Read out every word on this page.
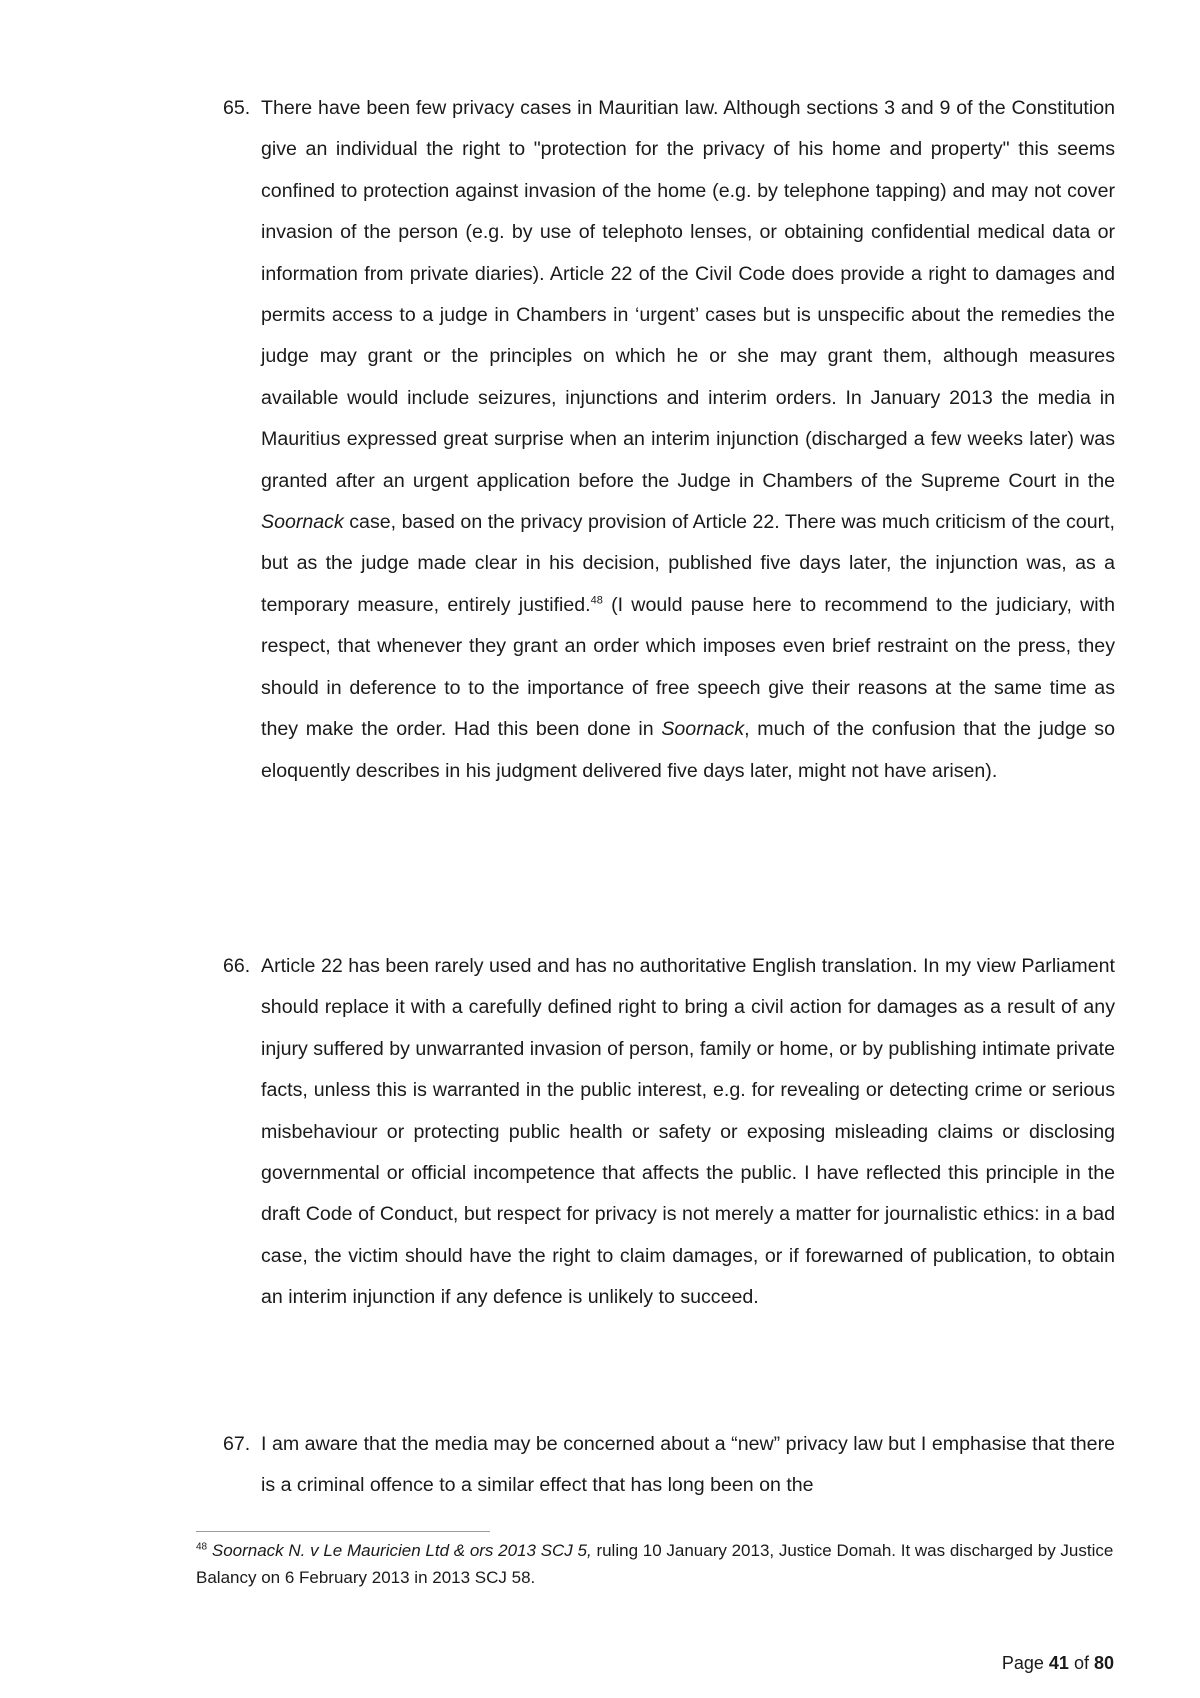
65. There have been few privacy cases in Mauritian law. Although sections 3 and 9 of the Constitution give an individual the right to "protection for the privacy of his home and property" this seems confined to protection against invasion of the home (e.g. by telephone tapping) and may not cover invasion of the person (e.g. by use of telephoto lenses, or obtaining confidential medical data or information from private diaries). Article 22 of the Civil Code does provide a right to damages and permits access to a judge in Chambers in ‘urgent’ cases but is unspecific about the remedies the judge may grant or the principles on which he or she may grant them, although measures available would include seizures, injunctions and interim orders. In January 2013 the media in Mauritius expressed great surprise when an interim injunction (discharged a few weeks later) was granted after an urgent application before the Judge in Chambers of the Supreme Court in the Soornack case, based on the privacy provision of Article 22. There was much criticism of the court, but as the judge made clear in his decision, published five days later, the injunction was, as a temporary measure, entirely justified.$^{48}$ (I would pause here to recommend to the judiciary, with respect, that whenever they grant an order which imposes even brief restraint on the press, they should in deference to to the importance of free speech give their reasons at the same time as they make the order. Had this been done in Soornack, much of the confusion that the judge so eloquently describes in his judgment delivered five days later, might not have arisen).
66. Article 22 has been rarely used and has no authoritative English translation. In my view Parliament should replace it with a carefully defined right to bring a civil action for damages as a result of any injury suffered by unwarranted invasion of person, family or home, or by publishing intimate private facts, unless this is warranted in the public interest, e.g. for revealing or detecting crime or serious misbehaviour or protecting public health or safety or exposing misleading claims or disclosing governmental or official incompetence that affects the public. I have reflected this principle in the draft Code of Conduct, but respect for privacy is not merely a matter for journalistic ethics: in a bad case, the victim should have the right to claim damages, or if forewarned of publication, to obtain an interim injunction if any defence is unlikely to succeed.
67. I am aware that the media may be concerned about a “new” privacy law but I emphasise that there is a criminal offence to a similar effect that has long been on the
$^{48}$ Soornack N. v Le Mauricien Ltd & ors 2013 SCJ 5, ruling 10 January 2013, Justice Domah. It was discharged by Justice Balancy on 6 February 2013 in 2013 SCJ 58.
Page 41 of 80
